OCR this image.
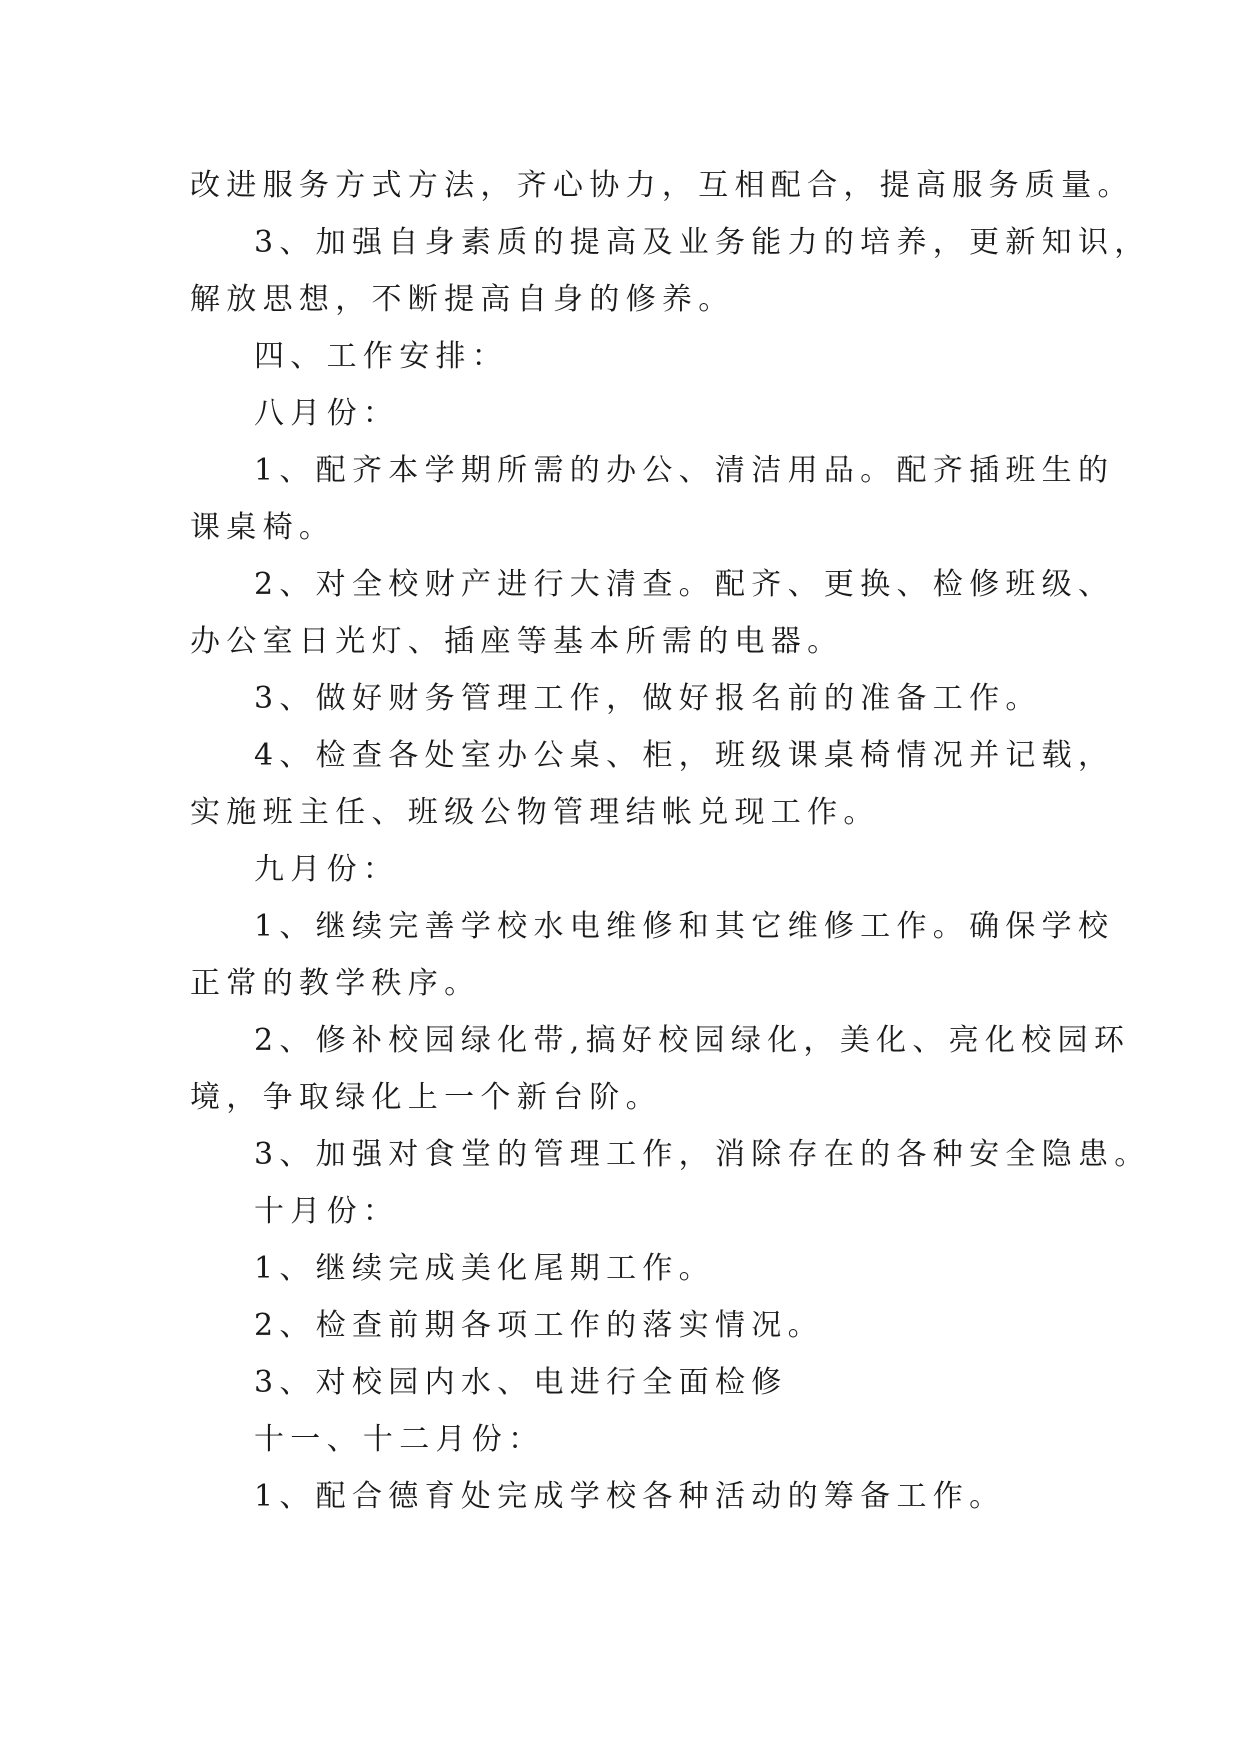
改进服务方式方法，齐心协力，互相配合，提高服务质量。
3、加强自身素质的提高及业务能力的培养，更新知识，
解放思想，不断提高自身的修养。
四、工作安排：
八月份：
1、配齐本学期所需的办公、清洁用品。配齐插班生的
课桌椅。
2、对全校财产进行大清查。配齐、更换、检修班级、
办公室日光灯、插座等基本所需的电器。
3、做好财务管理工作，做好报名前的准备工作。
4、检查各处室办公桌、柜，班级课桌椅情况并记载，
实施班主任、班级公物管理结帐兑现工作。
九月份：
1、继续完善学校水电维修和其它维修工作。确保学校
正常的教学秩序。
2、修补校园绿化带,搞好校园绿化，美化、亮化校园环
境，争取绿化上一个新台阶。
3、加强对食堂的管理工作，消除存在的各种安全隐患。
十月份：
1、继续完成美化尾期工作。
2、检查前期各项工作的落实情况。
3、对校园内水、电进行全面检修
十一、十二月份：
1、配合德育处完成学校各种活动的筹备工作。
